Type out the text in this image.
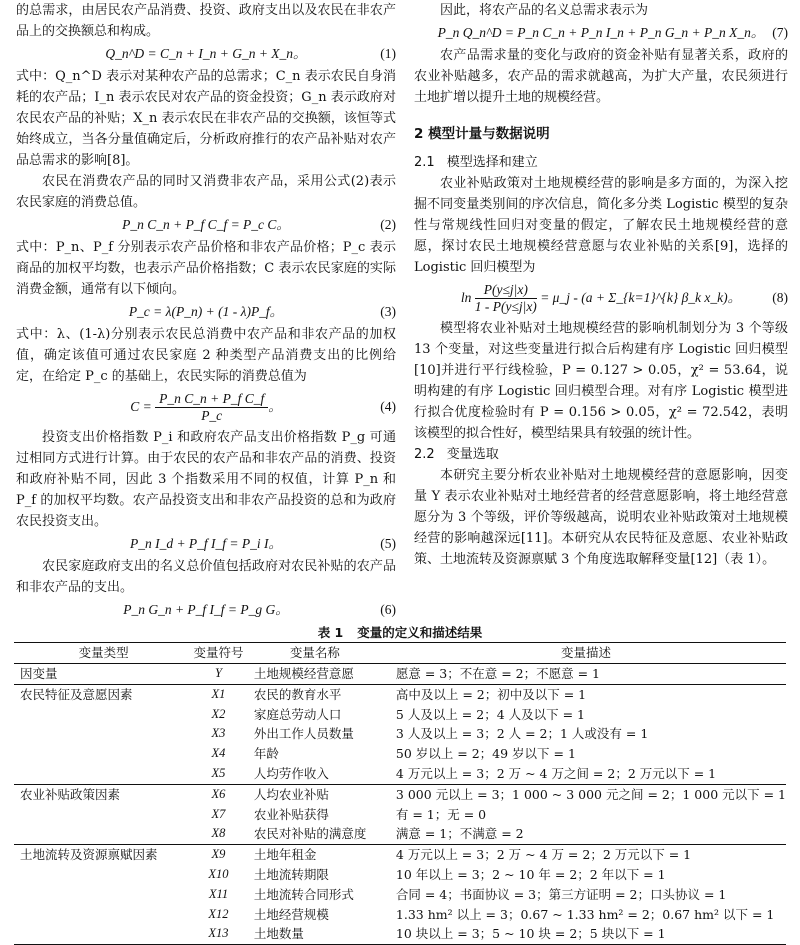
的总需求，由居民农产品消费、投资、政府支出以及农民在非农产品上的交换额总和构成。

Q_n^D = C_n + I_n + G_n + X_n。	(1)

式中：Q_n^D 表示对某种农产品的总需求；C_n 表示农民自身消耗的农产品；I_n 表示农民对农产品的资金投资；G_n 表示政府对农民农产品的补贴；X_n 表示农民在非农产品的交换额，该恒等式始终成立，当各分量值确定后，分析政府推行的农产品补贴对农产品总需求的影响[8]。

农民在消费农产品的同时又消费非农产品，采用公式(2)表示农民家庭的消费总值。

P_n C_n + P_f C_f = P_c C。	(2)

式中：P_n、P_f 分别表示农产品价格和非农产品价格；P_c 表示商品的加权平均数，也表示产品价格指数；C 表示农民家庭的实际消费金额，通常有以下倾向。

P_c = λ(P_n) + (1 - λ)P_f。	(3)

式中：λ、(1-λ)分别表示农民总消费中农产品和非农产品的加权值，确定该值可通过农民家庭 2 种类型产品消费支出的比例给定，在给定 P_c 的基础上，农民实际的消费总值为

$C = \frac{\text{P\_n C\_n + P\_f C\_f}}{P\_c}$ 。	(4)

投资支出价格指数 P_i 和政府农产品支出价格指数 P_g 可通过相同方式进行计算。由于农民的农产品和非农产品的消费、投资和政府补贴不同，因此 3 个指数采用不同的权值，计算 P_n 和 P_f 的加权平均数。农产品投资支出和非农产品投资的总和为政府农民投资支出。

P_n I_d + P_f I_f = P_i I。	(5)

农民家庭政府支出的名义总价值包括政府对农民补贴的农产品和非农产品的支出。

P_n G_n + P_f I_f = P_g G。	(6)

因此，将农产品的名义总需求表示为

P_n Q_n^D = P_n C_n + P_n I_n + P_n G_n + P_n X_n。 (7)

农产品需求量的变化与政府的资金补贴有显著关系，政府的农业补贴越多，农产品的需求就越高，为扩大产量，农民须进行土地扩增以提升土地的规模经营。

2 模型计量与数据说明
2.1 模型选择和建立

农业补贴政策对土地规模经营的影响是多方面的，为深入挖掘不同变量类别间的序次信息，简化多分类 Logistic 模型的复杂性与常规线性回归对变量的假定，了解农民土地规模经营的意愿，探讨农民土地规模经营意愿与农业补贴的关系[9]，选择的 Logistic 回归模型为

$\ln \frac{P(y\le j|x)}{1 - P(y\le j|x)}$ = μ_j - (a + Σ_{k=1}^{k} β_k x_k)。 (8)

模型将农业补贴对土地规模经营的影响机制划分为 3 个等级 13 个变量，对这些变量进行拟合后构建有序 Logistic 回归模型[10]并进行平行线检验，P = 0.127 > 0.05，χ² = 53.64，说明构建的有序 Logistic 回归模型合理。对有序 Logistic 模型进行拟合优度检验时有 P = 0.156 > 0.05，χ² = 72.542，表明该模型的拟合性好，模型结果具有较强的统计性。

2.2 变量选取

本研究主要分析农业补贴对土地规模经营的意愿影响，因变量 Y 表示农业补贴对土地经营者的经营意愿影响，将土地经营意愿分为 3 个等级，评价等级越高，说明农业补贴政策对土地规模经营的影响越深远[11]。本研究从农民特征及意愿、农业补贴政策、土地流转及资源禀赋 3 个角度选取解释变量[12]（表 1）。

表 1 变量的定义和描述结果
变量类型	变量符号	变量名称	变量描述
因变量	Y	土地规模经营意愿	愿意 = 3；不在意 = 2；不愿意 = 1
农民特征及意愿因素	X1	农民的教育水平	高中及以上 = 2；初中及以下 = 1
	X2	家庭总劳动人口	5 人及以上 = 2；4 人及以下 = 1
	X3	外出工作人员数量	3 人及以上 = 3；2 人 = 2；1 人或没有 = 1
	X4	年龄	50 岁以上 = 2；49 岁以下 = 1
	X5	人均劳作收入	4 万元以上 = 3；2 万 ~ 4 万之间 = 2；2 万元以下 = 1
农业补贴政策因素	X6	人均农业补贴	3 000 元以上 = 3；1 000 ~ 3 000 元之间 = 2；1 000 元以下 = 1
	X7	农业补贴获得	有 = 1；无 = 0
	X8	农民对补贴的满意度	满意 = 1；不满意 = 2
土地流转及资源禀赋因素	X9	土地年租金	4 万元以上 = 3；2 万 ~ 4 万 = 2；2 万元以下 = 1
	X10	土地流转期限	10 年以上 = 3；2 ~ 10 年 = 2；2 年以下 = 1
	X11	土地流转合同形式	合同 = 4；书面协议 = 3；第三方证明 = 2；口头协议 = 1
	X12	土地经营规模	1.33 hm² 以上 = 3；0.67 ~ 1.33 hm² = 2；0.67 hm² 以下 = 1
	X13	土地数量	10 块以上 = 3；5 ~ 10 块 = 2；5 块以下 = 1
